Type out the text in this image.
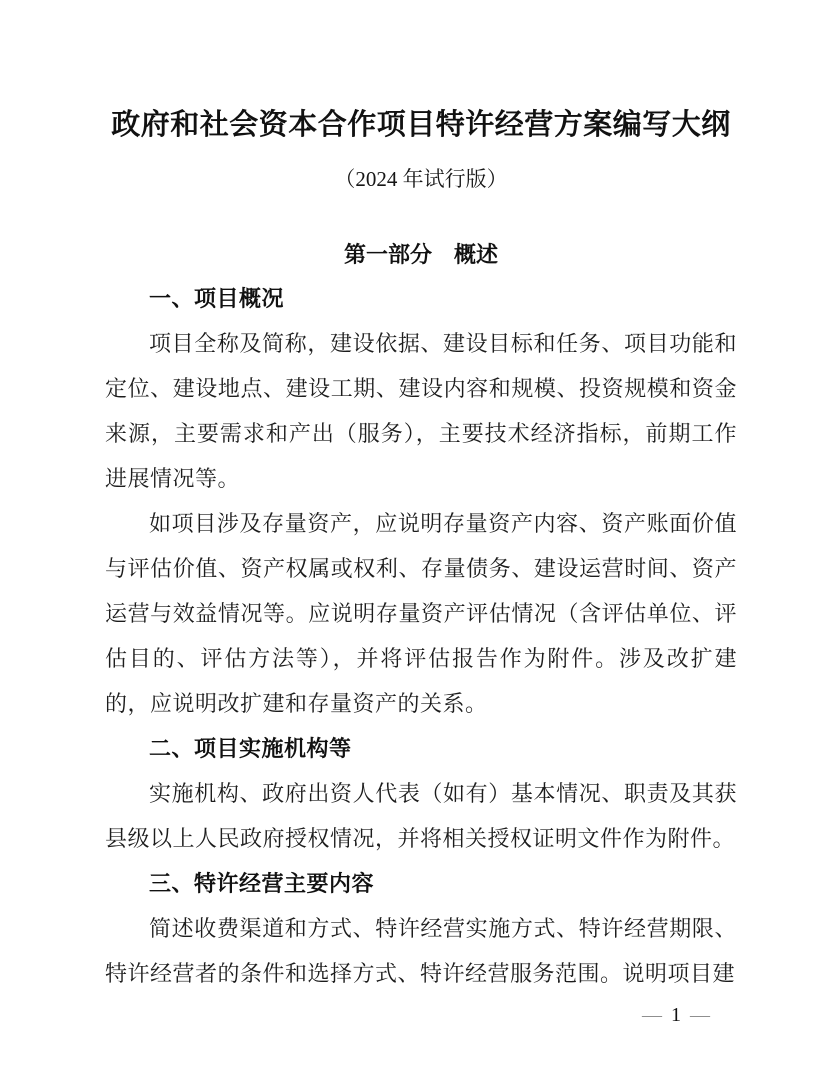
政府和社会资本合作项目特许经营方案编写大纲
（2024 年试行版）
第一部分　概述
一、项目概况

项目全称及简称，建设依据、建设目标和任务、项目功能和定位、建设地点、建设工期、建设内容和规模、投资规模和资金来源，主要需求和产出（服务），主要技术经济指标，前期工作进展情况等。

如项目涉及存量资产，应说明存量资产内容、资产账面价值与评估价值、资产权属或权利、存量债务、建设运营时间、资产运营与效益情况等。应说明存量资产评估情况（含评估单位、评估目的、评估方法等），并将评估报告作为附件。涉及改扩建的，应说明改扩建和存量资产的关系。

二、项目实施机构等

实施机构、政府出资人代表（如有）基本情况、职责及其获县级以上人民政府授权情况，并将相关授权证明文件作为附件。

三、特许经营主要内容

简述收费渠道和方式、特许经营实施方式、特许经营期限、特许经营者的条件和选择方式、特许经营服务范围。说明项目建

— 1 —
